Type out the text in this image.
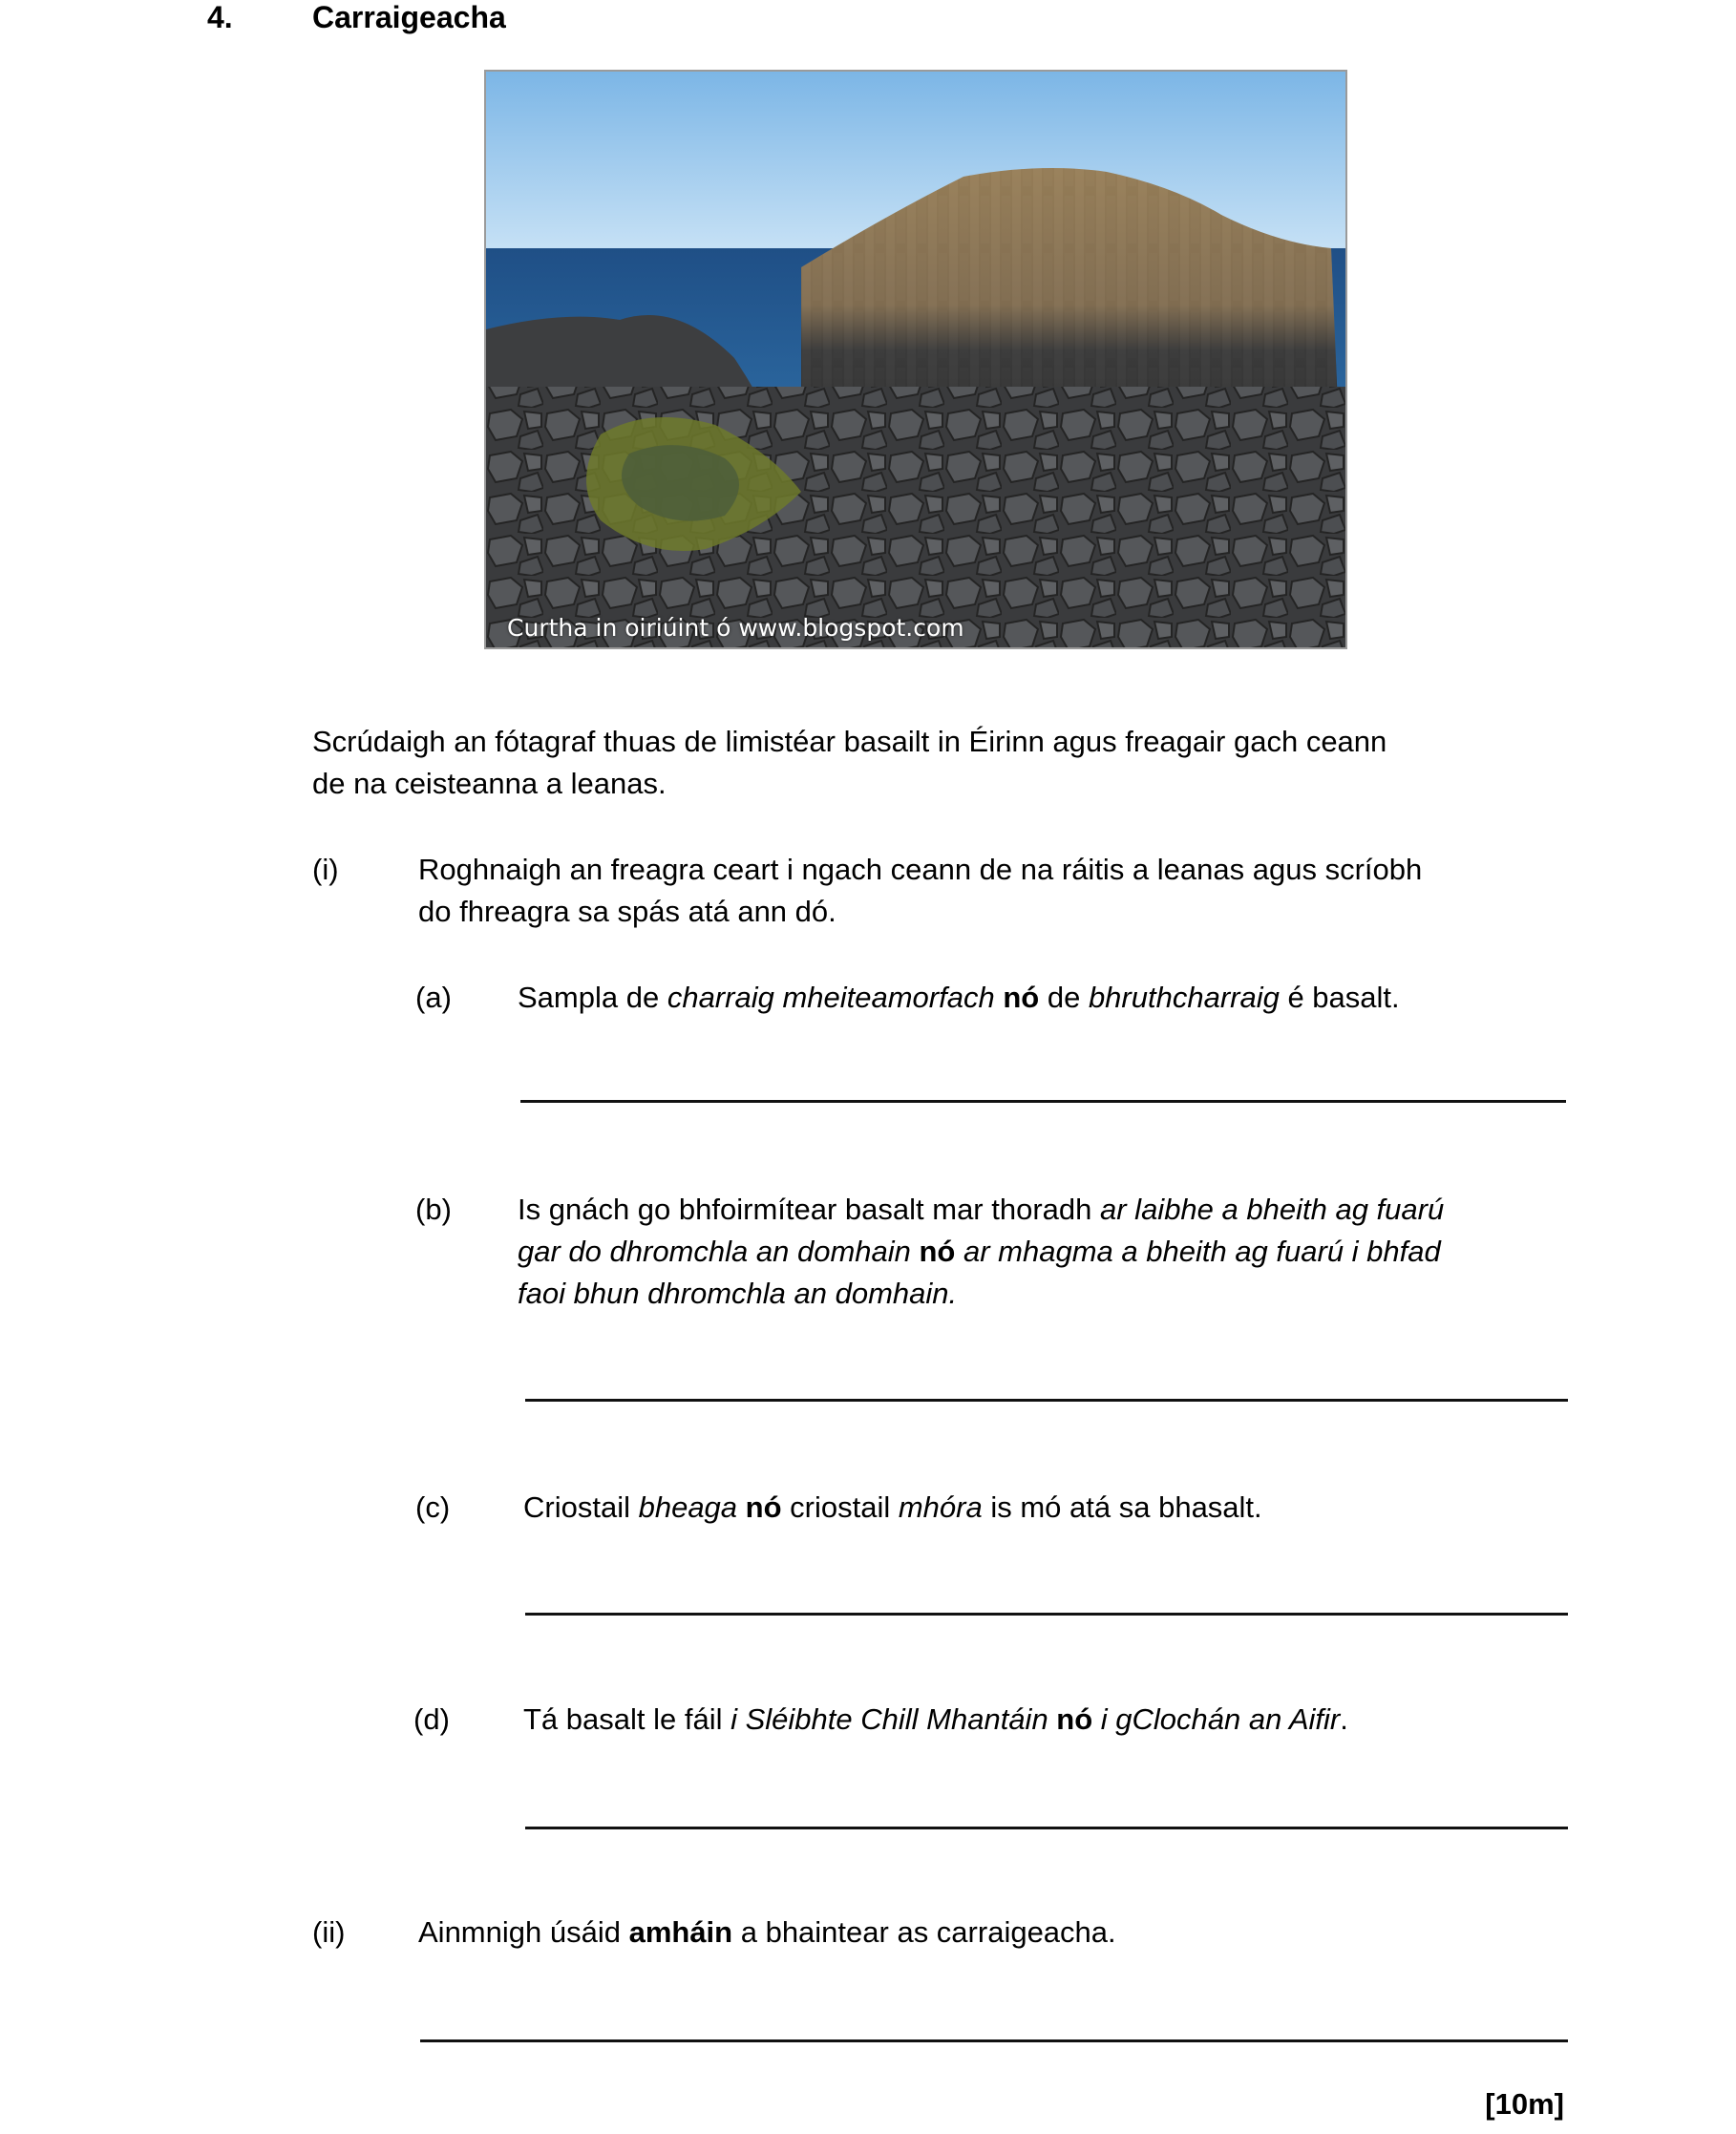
4.	Carraigeacha
Curtha in oiriúint ó www.blogspot.com
Scrúdaigh an fótagraf thuas de limistéar basailt in Éirinn agus freagair gach ceann
de na ceisteanna a leanas.
(i)	Roghnaigh an freagra ceart i ngach ceann de na ráitis a leanas agus scríobh
do fhreagra sa spás atá ann dó.
(a) Sampla de charraig mheiteamorfach nó de bhruthcharraig é basalt.
(b) Is gnách go bhfoirmítear basalt mar thoradh ar laibhe a bheith ag fuarú
gar do dhromchla an domhain nó ar mhagma a bheith ag fuarú i bhfad
faoi bhun dhromchla an domhain.
(c) Criostail bheaga nó criostail mhóra is mó atá sa bhasalt.
(d) Tá basalt le fáil i Sléibhte Chill Mhantáin nó i gClochán an Aifir.
(ii) Ainmnigh úsáid amháin a bhaintear as carraigeacha.
[10m]
